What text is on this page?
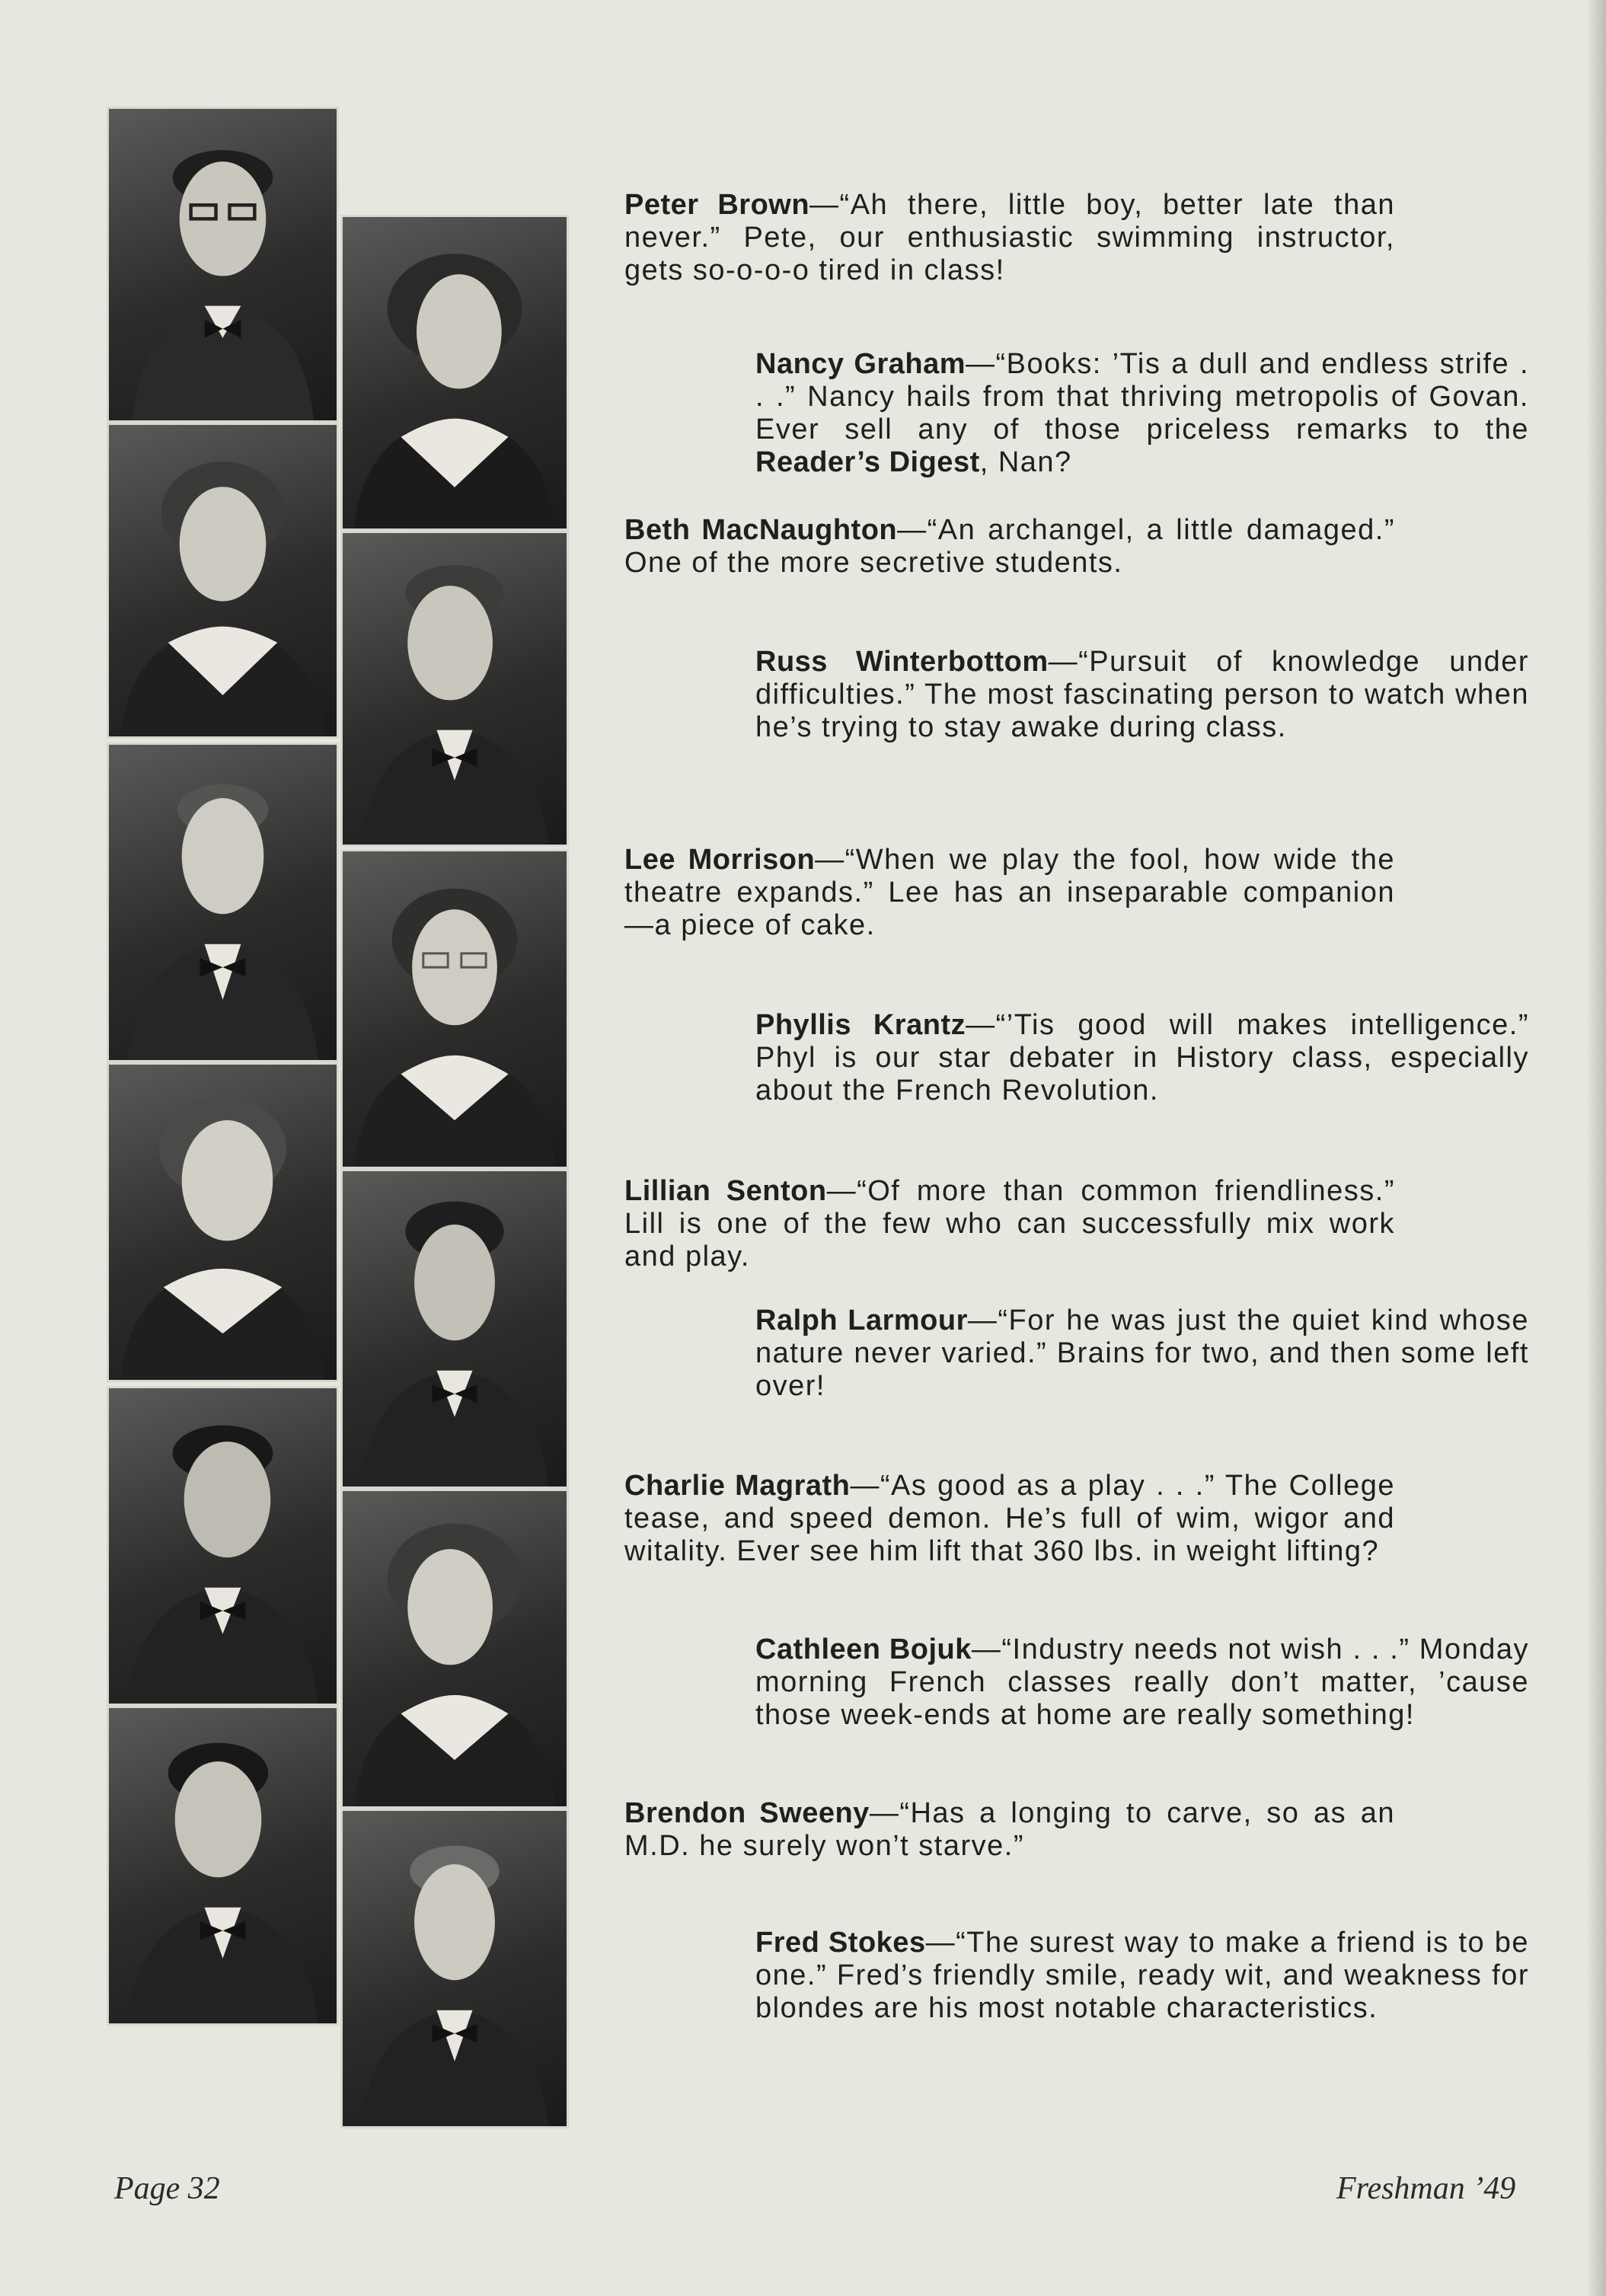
Peter Brown—“Ah there, little boy, better late than never.” Pete, our enthusiastic swimming instructor, gets so-o-o-o tired in class!
Nancy Graham—“Books: ’Tis a dull and endless strife . . .” Nancy hails from that thriving metropolis of Govan. Ever sell any of those priceless remarks to the Reader’s Digest, Nan?
Beth MacNaughton—“An archangel, a little damaged.” One of the more secretive students.
Russ Winterbottom—“Pursuit of knowledge under difficulties.” The most fascinating person to watch when he’s trying to stay awake during class.
Lee Morrison—“When we play the fool, how wide the theatre expands.” Lee has an inseparable companion —a piece of cake.
Phyllis Krantz—“’Tis good will makes intelligence.” Phyl is our star debater in History class, especially about the French Revolution.
Lillian Senton—“Of more than common friendliness.” Lill is one of the few who can successfully mix work and play.
Ralph Larmour—“For he was just the quiet kind whose nature never varied.” Brains for two, and then some left over!
Charlie Magrath—“As good as a play . . .” The College tease, and speed demon. He’s full of wim, wigor and witality. Ever see him lift that 360 lbs. in weight lifting?
Cathleen Bojuk—“Industry needs not wish . . .” Monday morning French classes really don’t matter, ’cause those week-ends at home are really something!
Brendon Sweeny—“Has a longing to carve, so as an M.D. he surely won’t starve.”
Fred Stokes—“The surest way to make a friend is to be one.” Fred’s friendly smile, ready wit, and weakness for blondes are his most notable characteristics.
Page 32	Freshman ’49
